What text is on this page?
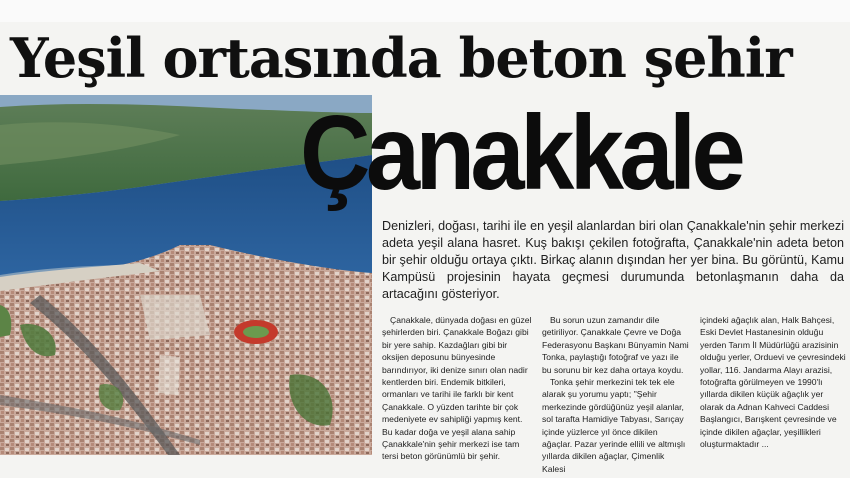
Yeşil ortasında beton şehir
Çanakkale
Denizleri, doğası, tarihi ile en yeşil alanlardan biri olan Çanakkale'nin şehir merkezi adeta yeşil alana hasret. Kuş bakışı çekilen fotoğrafta, Çanakkale'nin adeta beton bir şehir olduğu ortaya çıktı. Birkaç alanın dışından her yer bina. Bu görüntü, Kamu Kampüsü projesinin hayata geçmesi durumunda betonlaşmanın daha da artacağını gösteriyor.

Çanakkale, dünyada doğası en güzel şehirlerden biri. Çanakkale Boğazı gibi bir yere sahip. Kazdağları gibi bir oksijen deposunu bünyesinde barındırıyor, iki denize sınırı olan nadir kentlerden biri. Endemik bitkileri, ormanları ve tarihi ile farklı bir kent Çanakkale. O yüzden tarihte bir çok medeniyete ev sahipliği yapmış kent. Bu kadar doğa ve yeşil alana sahip Çanakkale'nin şehir merkezi ise tam tersi beton görünümlü bir şehir.

Bu sorun uzun zamandır dile getiriliyor. Çanakkale Çevre ve Doğa Federasyonu Başkanı Bünyamin Nami Tonka, paylaştığı fotoğraf ve yazı ile bu sorunu bir kez daha ortaya koydu.

Tonka şehir merkezini tek tek ele alarak şu yorumu yaptı; "Şehir merkezinde gördüğünüz yeşil alanlar, sol tarafta Hamidiye Tabyası, Sarıçay içinde yüzlerce yıl önce dikilen ağaçlar. Pazar yerinde ellili ve altmışlı yıllarda dikilen ağaçlar, Çimenlik Kalesi

içindeki ağaçlık alan, Halk Bahçesi, Eski Devlet Hastanesinin olduğu yerden Tarım İl Müdürlüğü arazisinin olduğu yerler, Orduevi ve çevresindeki yollar, 116. Jandarma Alayı arazisi, fotoğrafta görülmeyen ve 1990'lı yıllarda dikilen küçük ağaçlık yer olarak da Adnan Kahveci Caddesi Başlangıcı, Barışkent çevresinde ve içinde dikilen ağaçlar, yeşillikleri oluşturmaktadır ...
